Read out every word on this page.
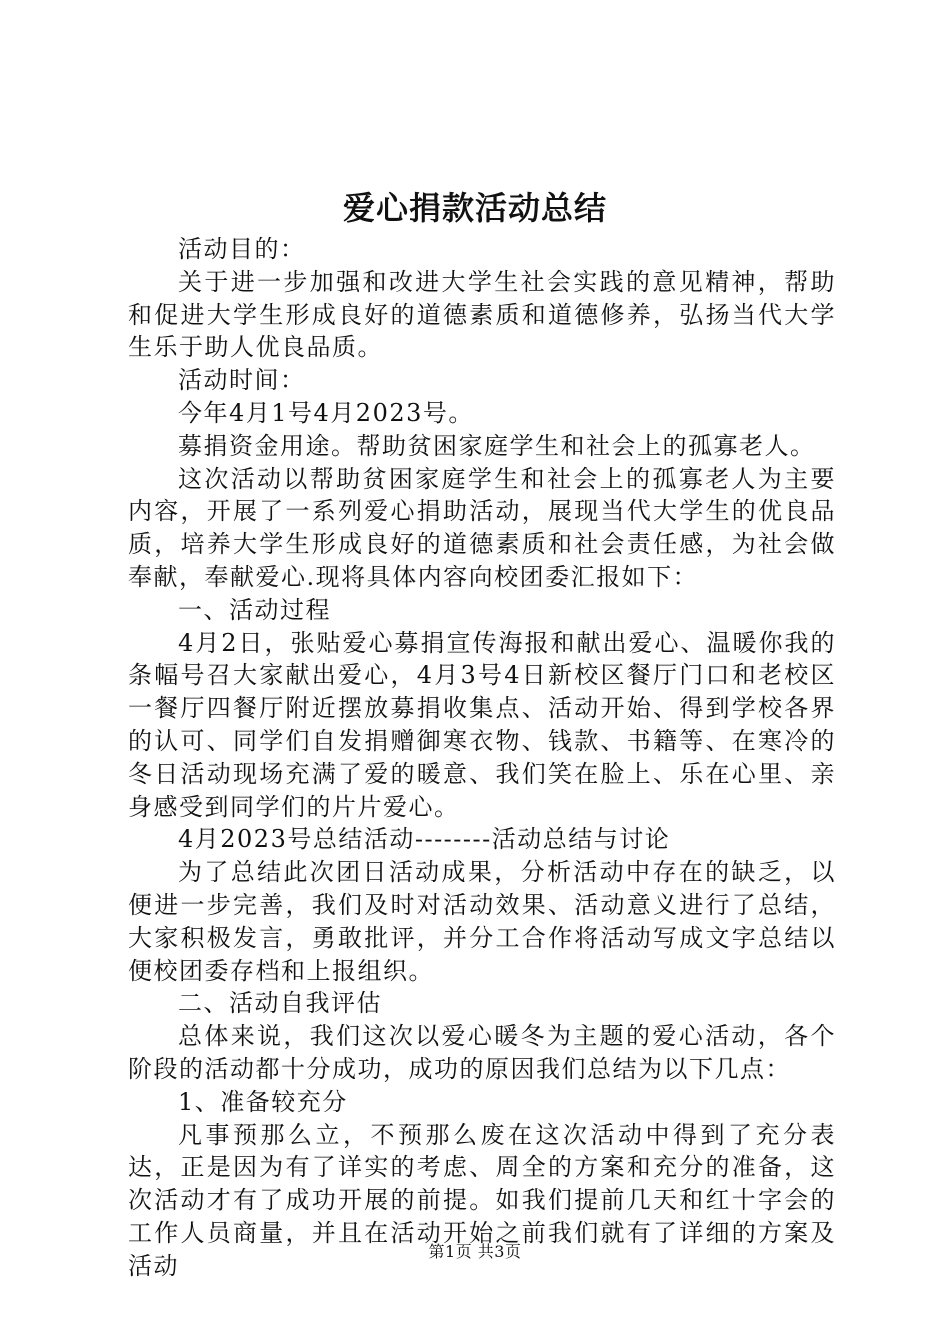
爱心捐款活动总结

活动目的：

关于进一步加强和改进大学生社会实践的意见精神，帮助和促进大学生形成良好的道德素质和道德修养，弘扬当代大学生乐于助人优良品质。

活动时间：

今年4月1号4月2023号。

募捐资金用途。帮助贫困家庭学生和社会上的孤寡老人。

这次活动以帮助贫困家庭学生和社会上的孤寡老人为主要内容，开展了一系列爱心捐助活动，展现当代大学生的优良品质，培养大学生形成良好的道德素质和社会责任感，为社会做奉献，奉献爱心.现将具体内容向校团委汇报如下：

一、活动过程

4月2日，张贴爱心募捐宣传海报和献出爱心、温暖你我的条幅号召大家献出爱心，4月3号4日新校区餐厅门口和老校区一餐厅四餐厅附近摆放募捐收集点、活动开始、得到学校各界的认可、同学们自发捐赠御寒衣物、钱款、书籍等、在寒冷的冬日活动现场充满了爱的暖意、我们笑在脸上、乐在心里、亲身感受到同学们的片片爱心。

4月2023号总结活动--------活动总结与讨论

为了总结此次团日活动成果，分析活动中存在的缺乏，以便进一步完善，我们及时对活动效果、活动意义进行了总结，大家积极发言，勇敢批评，并分工合作将活动写成文字总结以便校团委存档和上报组织。

二、活动自我评估

总体来说，我们这次以爱心暖冬为主题的爱心活动，各个阶段的活动都十分成功，成功的原因我们总结为以下几点：

1、准备较充分

凡事预那么立，不预那么废在这次活动中得到了充分表达，正是因为有了详实的考虑、周全的方案和充分的准备，这次活动才有了成功开展的前提。如我们提前几天和红十字会的工作人员商量，并且在活动开始之前我们就有了详细的方案及活动

第1页 共3页
